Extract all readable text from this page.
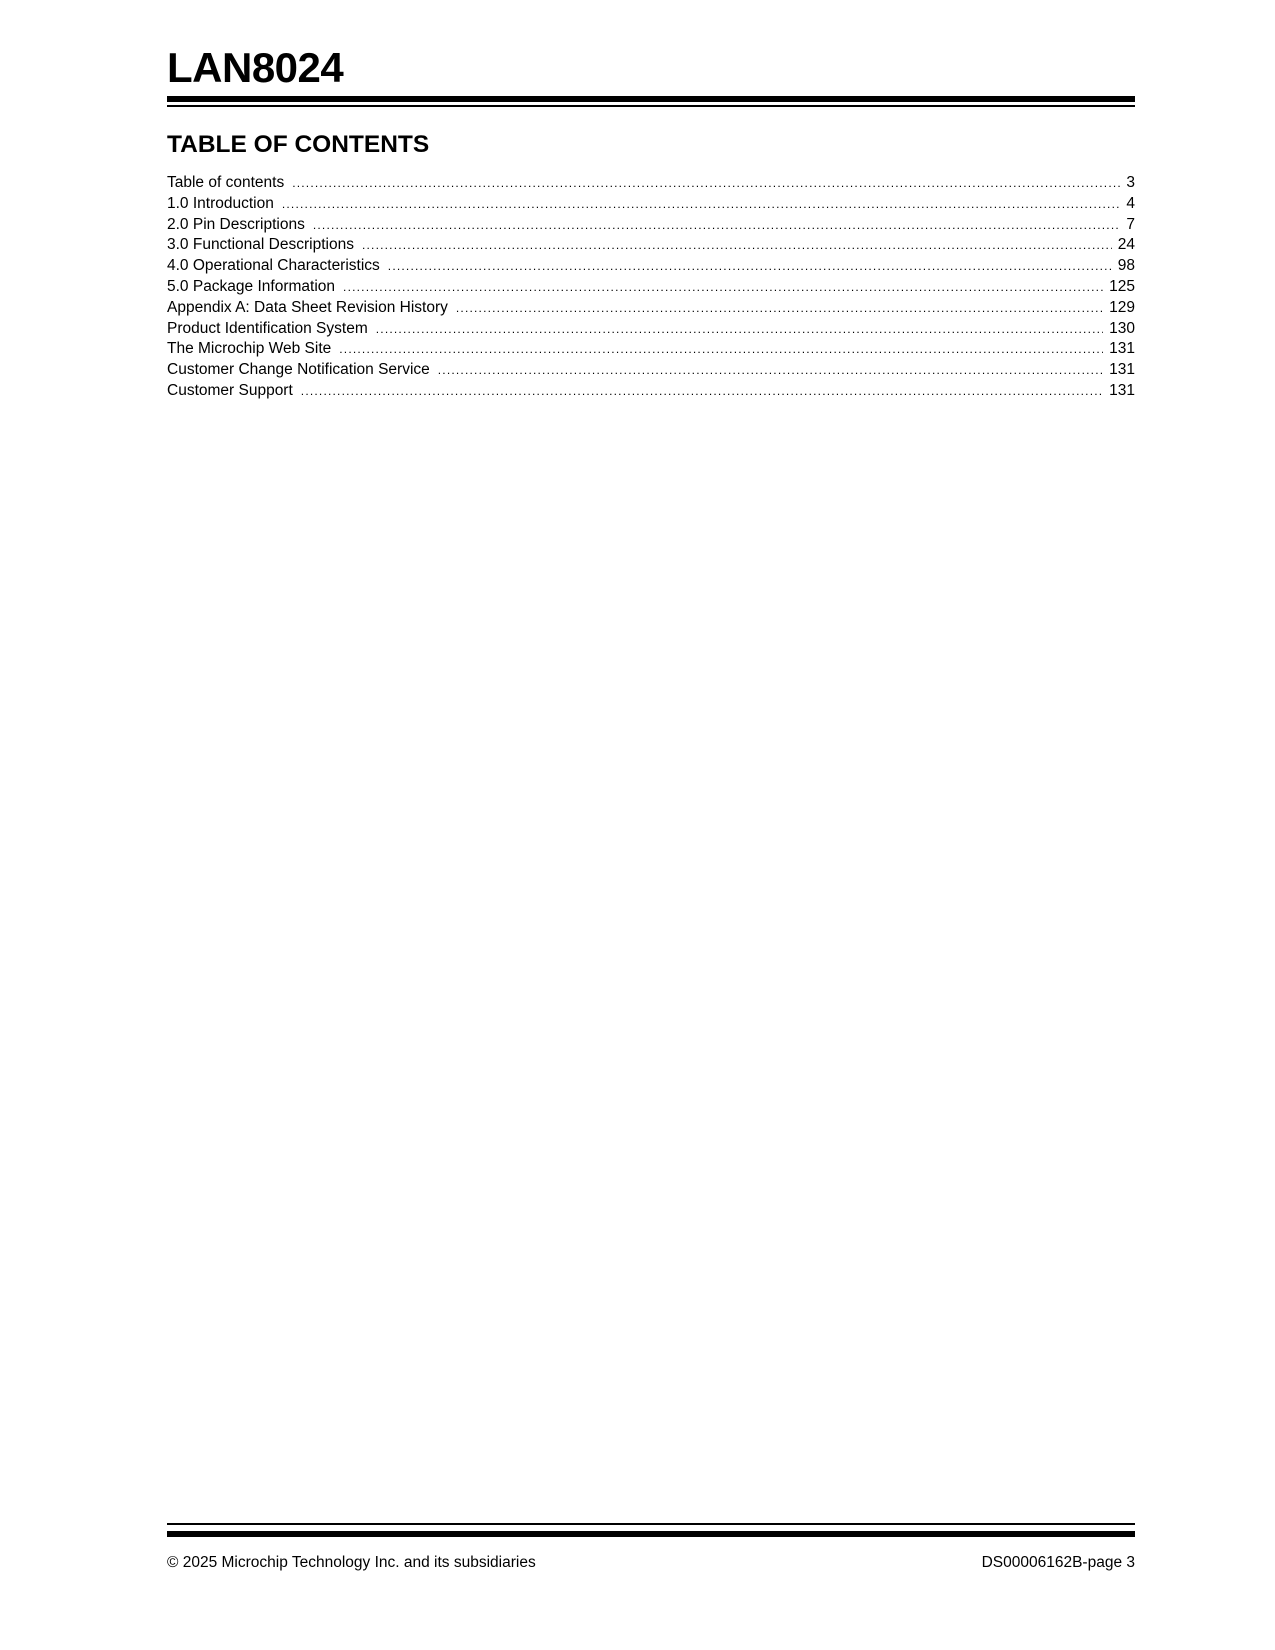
LAN8024
TABLE OF CONTENTS
Table of contents .....	3
1.0 Introduction .....	4
2.0 Pin Descriptions .....	7
3.0 Functional Descriptions .....	24
4.0 Operational Characteristics .....	98
5.0 Package Information .....	125
Appendix A: Data Sheet Revision History .....	129
Product Identification System .....	130
The Microchip Web Site .....	131
Customer Change Notification Service .....	131
Customer Support .....	131
© 2025 Microchip Technology Inc. and its subsidiaries	DS00006162B-page 3
